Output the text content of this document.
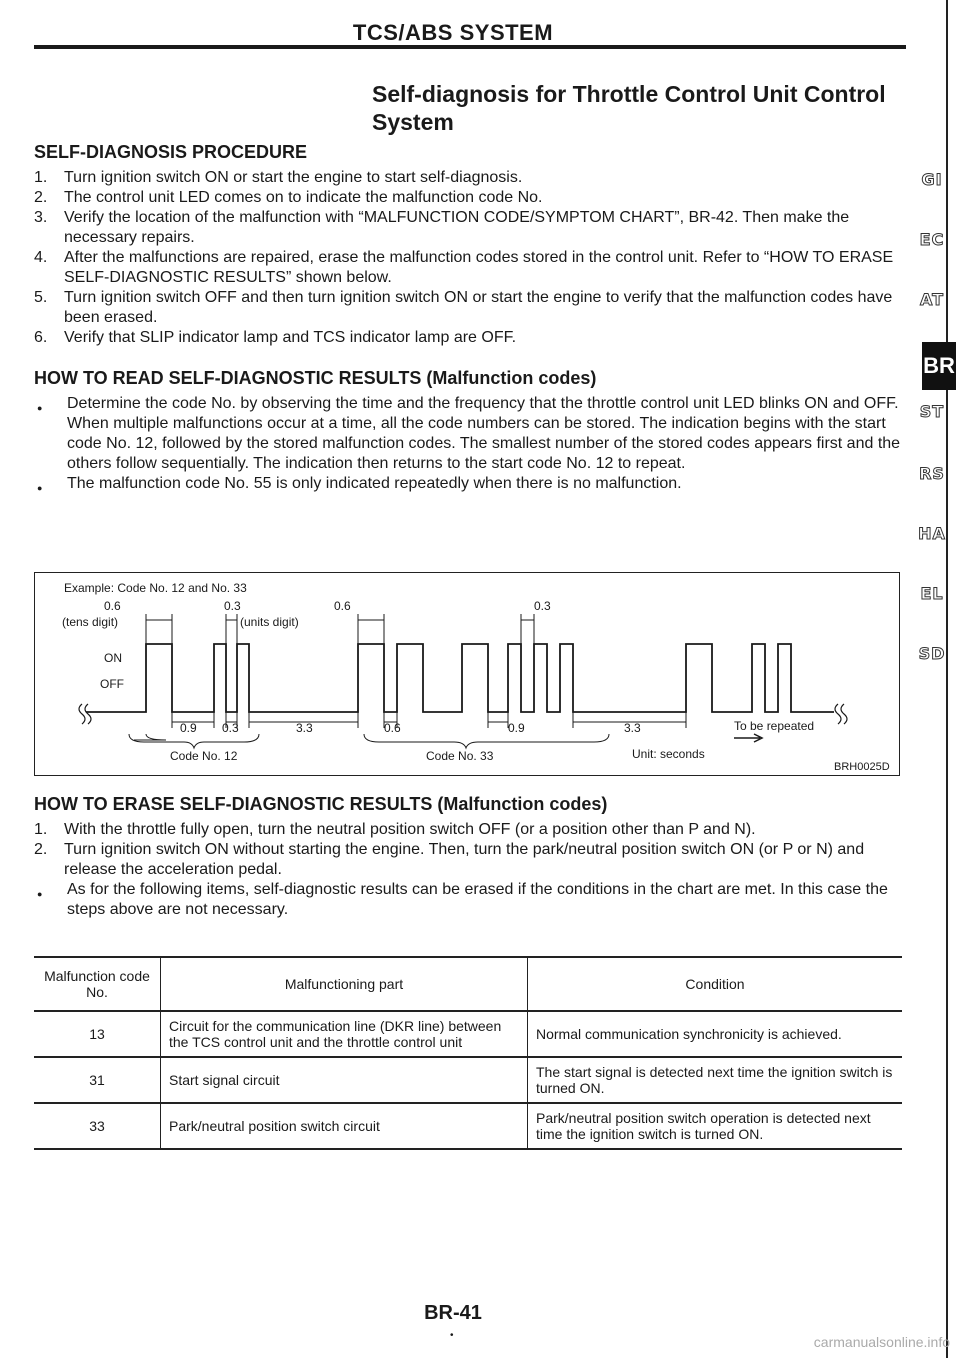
TCS/ABS SYSTEM
Self-diagnosis for Throttle Control Unit Control System
SELF-DIAGNOSIS PROCEDURE
1.	Turn ignition switch ON or start the engine to start self-diagnosis.
2.	The control unit LED comes on to indicate the malfunction code No.
3.	Verify the location of the malfunction with “MALFUNCTION CODE/SYMPTOM CHART”, BR-42. Then make the necessary repairs.
4.	After the malfunctions are repaired, erase the malfunction codes stored in the control unit. Refer to “HOW TO ERASE SELF-DIAGNOSTIC RESULTS” shown below.
5.	Turn ignition switch OFF and then turn ignition switch ON or start the engine to verify that the malfunction codes have been erased.
6.	Verify that SLIP indicator lamp and TCS indicator lamp are OFF.
HOW TO READ SELF-DIAGNOSTIC RESULTS (Malfunction codes)
●	Determine the code No. by observing the time and the frequency that the throttle control unit LED blinks ON and OFF. When multiple malfunctions occur at a time, all the code numbers can be stored. The indication begins with the start code No. 12, followed by the stored malfunction codes. The smallest number of the stored codes appears first and the others follow sequentially. The indication then returns to the start code No. 12 to repeat.
●	The malfunction code No. 55 is only indicated repeatedly when there is no malfunction.
Example: Code No. 12 and No. 33
0.6	0.3	0.6	0.3
(tens digit)	(units digit)
ON
OFF
0.9 0.3	3.3	0.6	0.9	3.3	To be repeated
Code No. 12	Code No. 33	Unit: seconds
BRH0025D
HOW TO ERASE SELF-DIAGNOSTIC RESULTS (Malfunction codes)
1.	With the throttle fully open, turn the neutral position switch OFF (or a position other than P and N).
2.	Turn ignition switch ON without starting the engine. Then, turn the park/neutral position switch ON (or P or N) and release the acceleration pedal.
●	As for the following items, self-diagnostic results can be erased if the conditions in the chart are met. In this case the steps above are not necessary.
Malfunction code No.	Malfunctioning part	Condition
13	Circuit for the communication line (DKR line) between the TCS control unit and the throttle control unit	Normal communication synchronicity is achieved.
31	Start signal circuit	The start signal is detected next time the ignition switch is turned ON.
33	Park/neutral position switch circuit	Park/neutral position switch operation is detected next time the ignition switch is turned ON.
GI
EC
AT
BR
ST
RS
HA
EL
SD
BR-41
•	carmanualsonline.info
